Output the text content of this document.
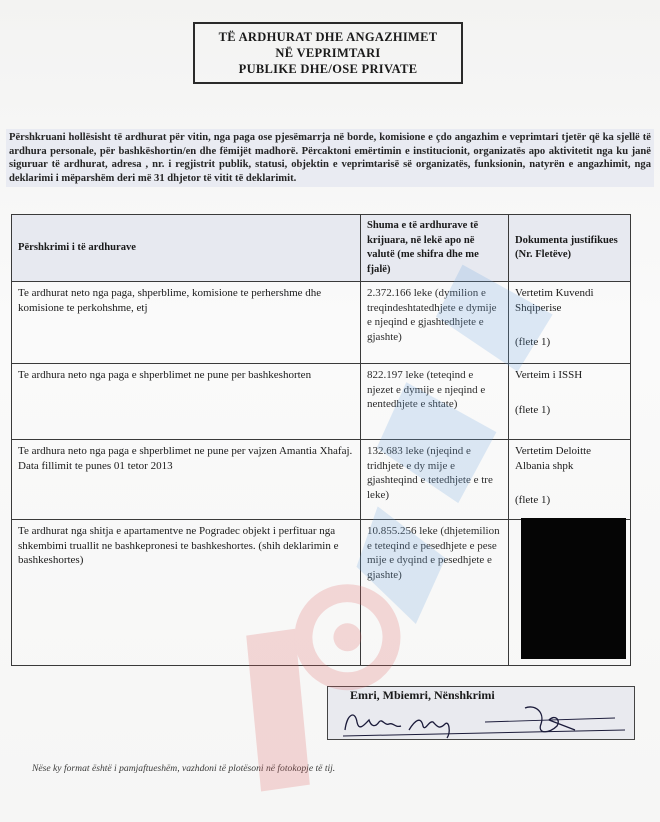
TË ARDHURAT DHE ANGAZHIMET
NË VEPRIMTARI
PUBLIKE DHE/OSE PRIVATE
Përshkruani hollësisht të ardhurat për vitin, nga paga ose pjesëmarrja në borde, komisione e çdo angazhim e veprimtari tjetër që ka sjellë të ardhura personale, për bashkëshortin/en dhe fëmijët madhorë. Përcaktoni emërtimin e institucionit, organizatës apo aktivitetit nga ku janë siguruar të ardhurat, adresa , nr. i regjistrit publik, statusi, objektin e veprimtarisë së organizatës, funksionin, natyrën e angazhimit, nga deklarimi i mëparshëm deri më 31 dhjetor të vitit të deklarimit.
Përshkrimi i të ardhurave	Shuma e të ardhurave të krijuara, në lekë apo në valutë (me shifra dhe me fjalë)	Dokumenta justifikues (Nr. Fletëve)
Te ardhurat neto nga paga, shperblime, komisione te perhershme dhe komisione te perkohshme, etj	2.372.166 leke (dymilion e treqindeshtatedhjete e dymije e njeqind e gjashtedhjete e gjashte)	Vertetim Kuvendi Shqiperise
(flete 1)

Te ardhura neto nga paga e shperblimet ne pune per bashkeshorten	822.197 leke (teteqind e njezet e dymije e njeqind e nentedhjete e shtate)	Verteim i ISSH
(flete 1)

Te ardhura neto nga paga e shperblimet ne pune per vajzen Amantia Xhafaj. Data fillimit te punes 01 tetor 2013	132.683 leke (njeqind e tridhjete e dy mije e gjashteqind e tetedhjete e tre leke)	Vertetim Deloitte Albania shpk
(flete 1)

Te ardhurat nga shitja e apartamentve ne Pogradec objekt i perfituar nga shkembimi truallit ne bashkepronesi te bashkeshortes. (shih deklarimin e bashkeshortes)	10.855.256 leke (dhjetemilion e teteqind e pesedhjete e pese mije e dyqind e pesedhjete e gjashte)	
Emri, Mbiemri, Nënshkrimi
Nëse ky format është i pamjaftueshëm, vazhdoni të plotësoni në fotokopje të tij.
